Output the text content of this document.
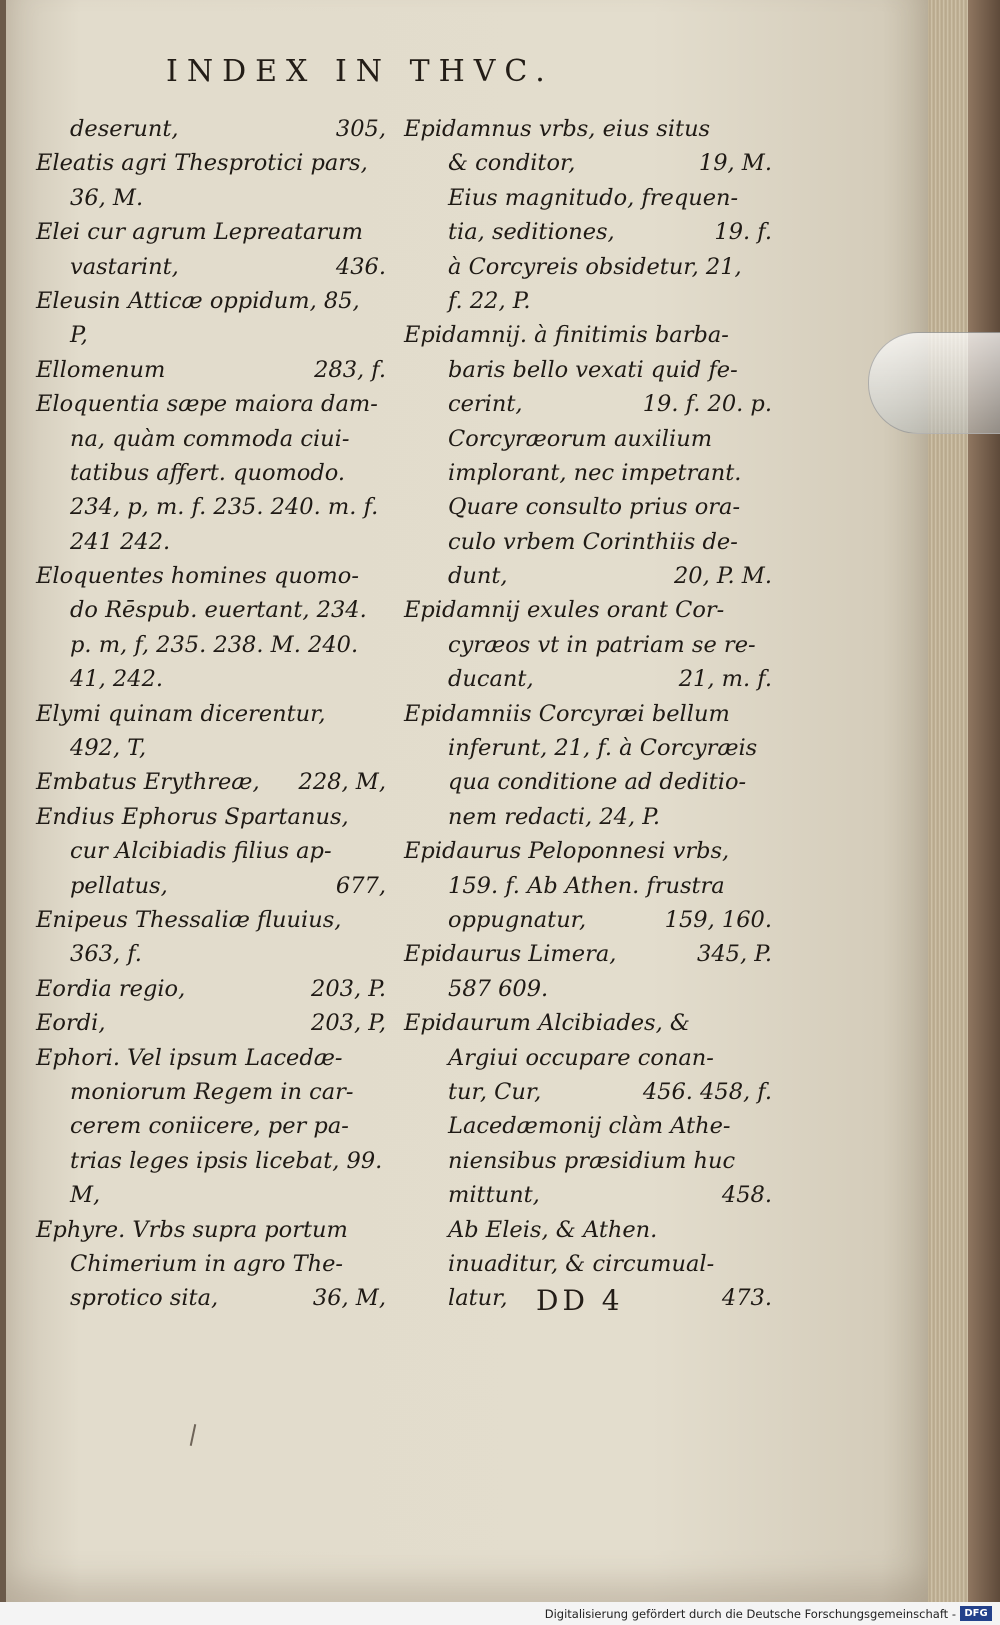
INDEX IN THVC.
deserunt,	305,
Eleatis agri Thesprotici pars,
36, M.
Elei cur agrum Lepreatarum
vastarint,	436.
Eleusin Atticæ oppidum, 85,
P,
Ellomenum	283, f.
Eloquentia sæpe maiora dam-
na, quàm commoda ciui-
tatibus affert. quomodo.
234, p, m. f. 235. 240. m. f.
241 242.
Eloquentes homines quomo-
do Rēspub. euertant, 234.
p. m, f, 235. 238. M. 240.
41, 242.
Elymi quinam dicerentur,
492, T,
Embatus Erythreæ, 228, M,
Endius Ephorus Spartanus,
cur Alcibiadis filius ap-
pellatus,	677,
Enipeus Thessaliæ fluuius,
363, f.
Eordia regio,	203, P.
Eordi,	203, P,
Ephori. Vel ipsum Lacedæ-
moniorum Regem in car-
cerem coniicere, per pa-
trias leges ipsis licebat, 99.
M,
Ephyre. Vrbs supra portum
Chimerium in agro The-
sprotico sita,	36, M,
Epidamnus vrbs, eius situs
& conditor,	19, M.
Eius magnitudo, frequen-
tia, seditiones,	19. f.
à Corcyreis obsidetur, 21,
f. 22, P.
Epidamnij. à finitimis barba-
baris bello vexati quid fe-
cerint,	19. f. 20. p.
Corcyræorum auxilium
implorant, nec impetrant.
Quare consulto prius ora-
culo vrbem Corinthiis de-
dunt,	20, P. M.
Epidamnij exules orant Cor-
cyræos vt in patriam se re-
ducant,	21, m. f.
Epidamniis Corcyræi bellum
inferunt, 21, f. à Corcyræis
qua conditione ad deditio-
nem redacti, 24, P.
Epidaurus Peloponnesi vrbs,
159. f. Ab Athen. frustra
oppugnatur,	159, 160.
Epidaurus Limera,	345, P.
587 609.
Epidaurum Alcibiades, &
Argiui occupare conan-
tur, Cur,	456. 458, f.
Lacedæmonij clàm Athe-
niensibus præsidium huc
mittunt,	458.
Ab Eleis, & Athen.
inuaditur, & circumual-
latur,	473.
DD 4
Digitalisierung gefördert durch die Deutsche Forschungsgemeinschaft - DFG
